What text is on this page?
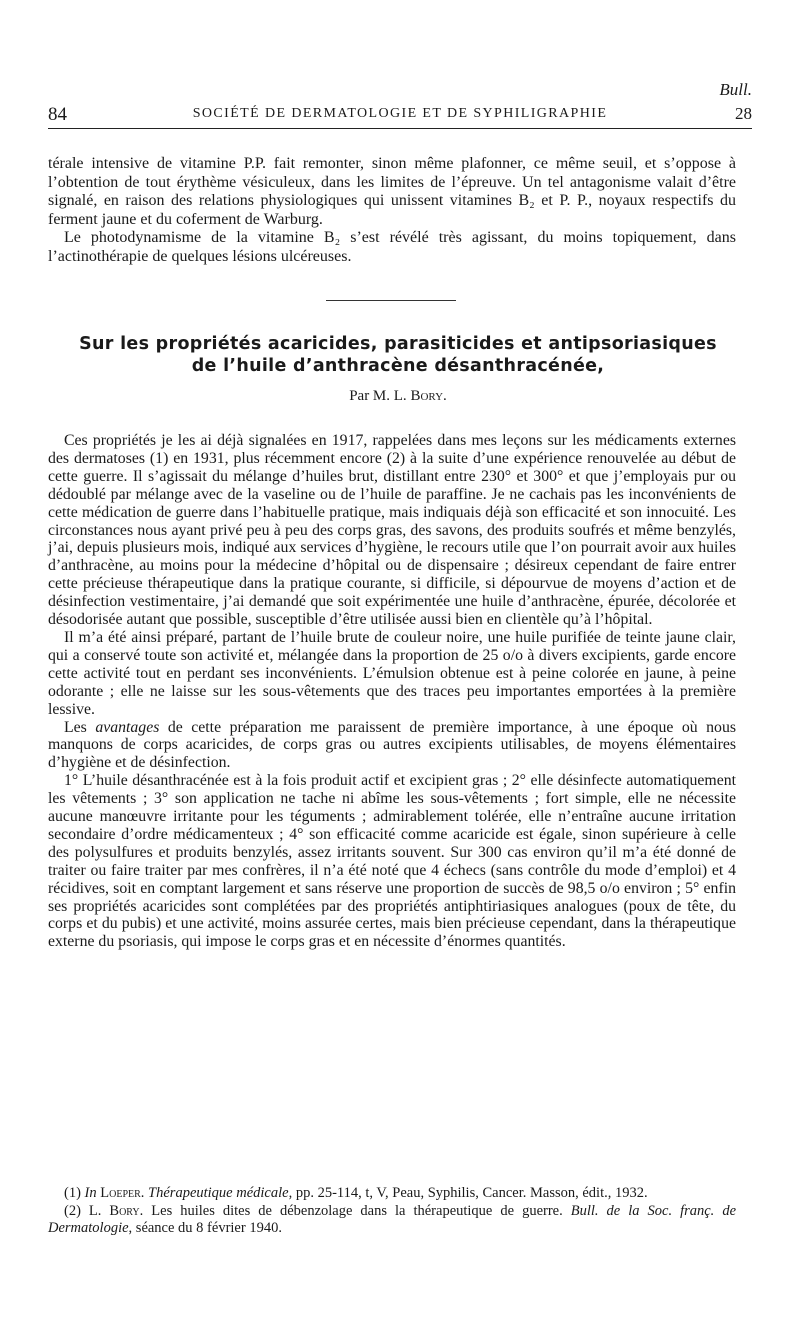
Bull.
84	SOCIÉTÉ DE DERMATOLOGIE ET DE SYPHILIGRAPHIE	28

térale intensive de vitamine P.P. fait remonter, sinon même plafonner, ce même seuil, et s’oppose à l’obtention de tout érythème vésiculeux, dans les limites de l’épreuve. Un tel antagonisme valait d’être signalé, en raison des relations physiologiques qui unissent vitamines B₂ et P. P., noyaux respectifs du ferment jaune et du coferment de Warburg.

Le photodynamisme de la vitamine B₂ s’est révélé très agissant, du moins topiquement, dans l’actinothérapie de quelques lésions ulcéreuses.

Sur les propriétés acaricides, parasiticides et antipsoriasiques
de l’huile d’anthracène désanthracénée,
Par M. L. Bory.

Ces propriétés je les ai déjà signalées en 1917, rappelées dans mes leçons sur les médicaments externes des dermatoses (1) en 1931, plus récemment encore (2) à la suite d’une expérience renouvelée au début de cette guerre. Il s’agissait du mélange d’huiles brut, distillant entre 230° et 300° et que j’employais pur ou dédoublé par mélange avec de la vaseline ou de l’huile de paraffine. Je ne cachais pas les inconvénients de cette médication de guerre dans l’habituelle pratique, mais indiquais déjà son efficacité et son innocuité. Les circonstances nous ayant privé peu à peu des corps gras, des savons, des produits soufrés et même benzylés, j’ai, depuis plusieurs mois, indiqué aux services d’hygiène, le recours utile que l’on pourrait avoir aux huiles d’anthracène, au moins pour la médecine d’hôpital ou de dispensaire ; désireux cependant de faire entrer cette précieuse thérapeutique dans la pratique courante, si difficile, si dépourvue de moyens d’action et de désinfection vestimentaire, j’ai demandé que soit expérimentée une huile d’anthracène, épurée, décolorée et désodorisée autant que possible, susceptible d’être utilisée aussi bien en clientèle qu’à l’hôpital.

Il m’a été ainsi préparé, partant de l’huile brute de couleur noire, une huile purifiée de teinte jaune clair, qui a conservé toute son activité et, mélangée dans la proportion de 25 o/o à divers excipients, garde encore cette activité tout en perdant ses inconvénients. L’émulsion obtenue est à peine colorée en jaune, à peine odorante ; elle ne laisse sur les sous-vêtements que des traces peu importantes emportées à la première lessive.

Les avantages de cette préparation me paraissent de première importance, à une époque où nous manquons de corps acaricides, de corps gras ou autres excipients utilisables, de moyens élémentaires d’hygiène et de désinfection.

1° L’huile désanthracénée est à la fois produit actif et excipient gras ; 2° elle désinfecte automatiquement les vêtements ; 3° son application ne tache ni abîme les sous-vêtements ; fort simple, elle ne nécessite aucune manœuvre irritante pour les téguments ; admirablement tolérée, elle n’entraîne aucune irritation secondaire d’ordre médicamenteux ; 4° son efficacité comme acaricide est égale, sinon supérieure à celle des polysulfures et produits benzylés, assez irritants souvent. Sur 300 cas environ qu’il m’a été donné de traiter ou faire traiter par mes confrères, il n’a été noté que 4 échecs (sans contrôle du mode d’emploi) et 4 récidives, soit en comptant largement et sans réserve une proportion de succès de 98,5 o/o environ ; 5° enfin ses propriétés acaricides sont complétées par des propriétés antiphtiriasiques analogues (poux de tête, du corps et du pubis) et une activité, moins assurée certes, mais bien précieuse cependant, dans la thérapeutique externe du psoriasis, qui impose le corps gras et en nécessite d’énormes quantités.

(1) In Loeper. Thérapeutique médicale, pp. 25-114, t, V, Peau, Syphilis, Cancer. Masson, édit., 1932.

(2) L. Bory. Les huiles dites de débenzolage dans la thérapeutique de guerre. Bull. de la Soc. franç. de Dermatologie, séance du 8 février 1940.
